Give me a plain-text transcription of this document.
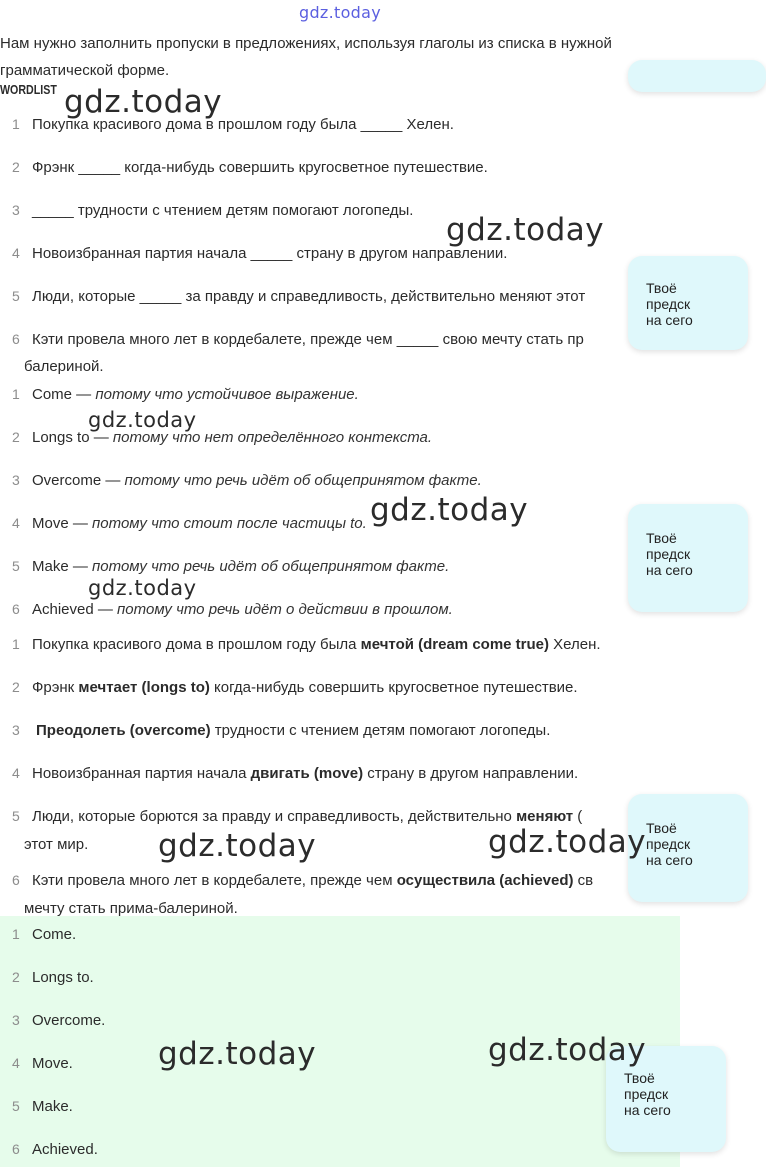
gdz.today
Нам нужно заполнить пропуски в предложениях, используя глаголы из списка в нужной грамматической форме.
WORDLIST
1 Покупка красивого дома в прошлом году была _____ Хелен.
2 Фрэнк _____ когда-нибудь совершить кругосветное путешествие.
3 _____ трудности с чтением детям помогают логопеды.
4 Новоизбранная партия начала _____ страну в другом направлении.
5 Люди, которые _____ за правду и справедливость, действительно меняют этот
6 Кэти провела много лет в кордебалете, прежде чем _____ свою мечту стать пр
балериной.
1 Come — потому что устойчивое выражение.
2 Longs to — потому что нет определённого контекста.
3 Overcome — потому что речь идёт об общепринятом факте.
4 Move — потому что стоит после частицы to.
5 Make — потому что речь идёт об общепринятом факте.
6 Achieved — потому что речь идёт о действии в прошлом.
1 Покупка красивого дома в прошлом году была мечтой (dream come true) Хелен.
2 Фрэнк мечтает (longs to) когда-нибудь совершить кругосветное путешествие.
3 Преодолеть (overcome) трудности с чтением детям помогают логопеды.
4 Новоизбранная партия начала двигать (move) страну в другом направлении.
5 Люди, которые борются за правду и справедливость, действительно меняют (
этот мир.
6 Кэти провела много лет в кордебалете, прежде чем осуществила (achieved) св
мечту стать прима-балериной.
1 Come.
2 Longs to.
3 Overcome.
4 Move.
5 Make.
6 Achieved.
Твоё
предск
на сего
Твоё
предск
на сего
Твоё
предск
на сего
Твоё
предск
на сего
gdz.today
gdz.today
gdz.today
gdz.today
gdz.today
gdz.today	gdz.today
gdz.today	gdz.today
